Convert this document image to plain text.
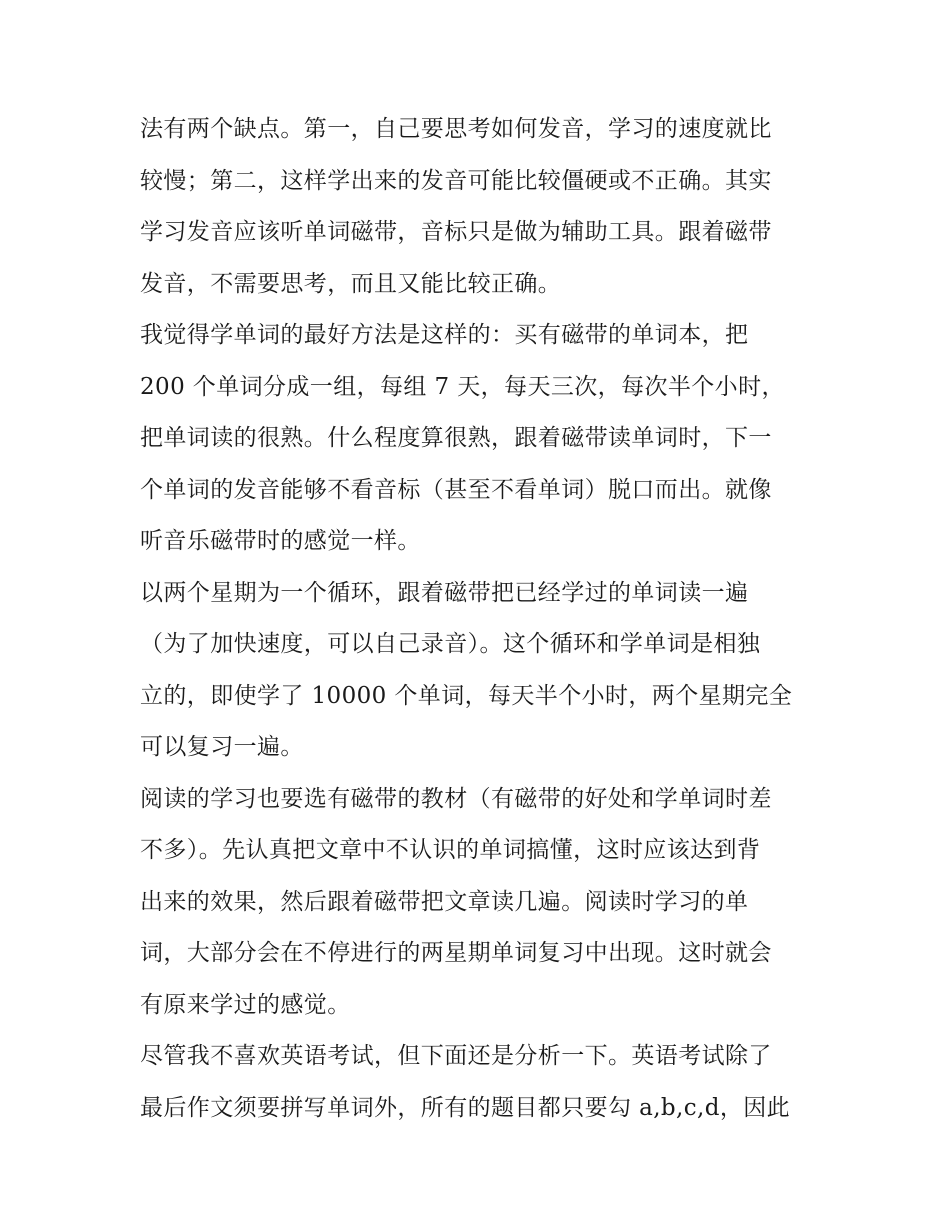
法有两个缺点。第一，自己要思考如何发音，学习的速度就比
较慢；第二，这样学出来的发音可能比较僵硬或不正确。其实
学习发音应该听单词磁带，音标只是做为辅助工具。跟着磁带
发音，不需要思考，而且又能比较正确。
我觉得学单词的最好方法是这样的：买有磁带的单词本，把
200 个单词分成一组，每组 7 天，每天三次，每次半个小时，
把单词读的很熟。什么程度算很熟，跟着磁带读单词时，下一
个单词的发音能够不看音标（甚至不看单词）脱口而出。就像
听音乐磁带时的感觉一样。
以两个星期为一个循环，跟着磁带把已经学过的单词读一遍
（为了加快速度，可以自己录音）。这个循环和学单词是相独
立的，即使学了 10000 个单词，每天半个小时，两个星期完全
可以复习一遍。
阅读的学习也要选有磁带的教材（有磁带的好处和学单词时差
不多）。先认真把文章中不认识的单词搞懂，这时应该达到背
出来的效果，然后跟着磁带把文章读几遍。阅读时学习的单
词，大部分会在不停进行的两星期单词复习中出现。这时就会
有原来学过的感觉。
尽管我不喜欢英语考试，但下面还是分析一下。英语考试除了
最后作文须要拼写单词外，所有的题目都只要勾 a,b,c,d，因此
